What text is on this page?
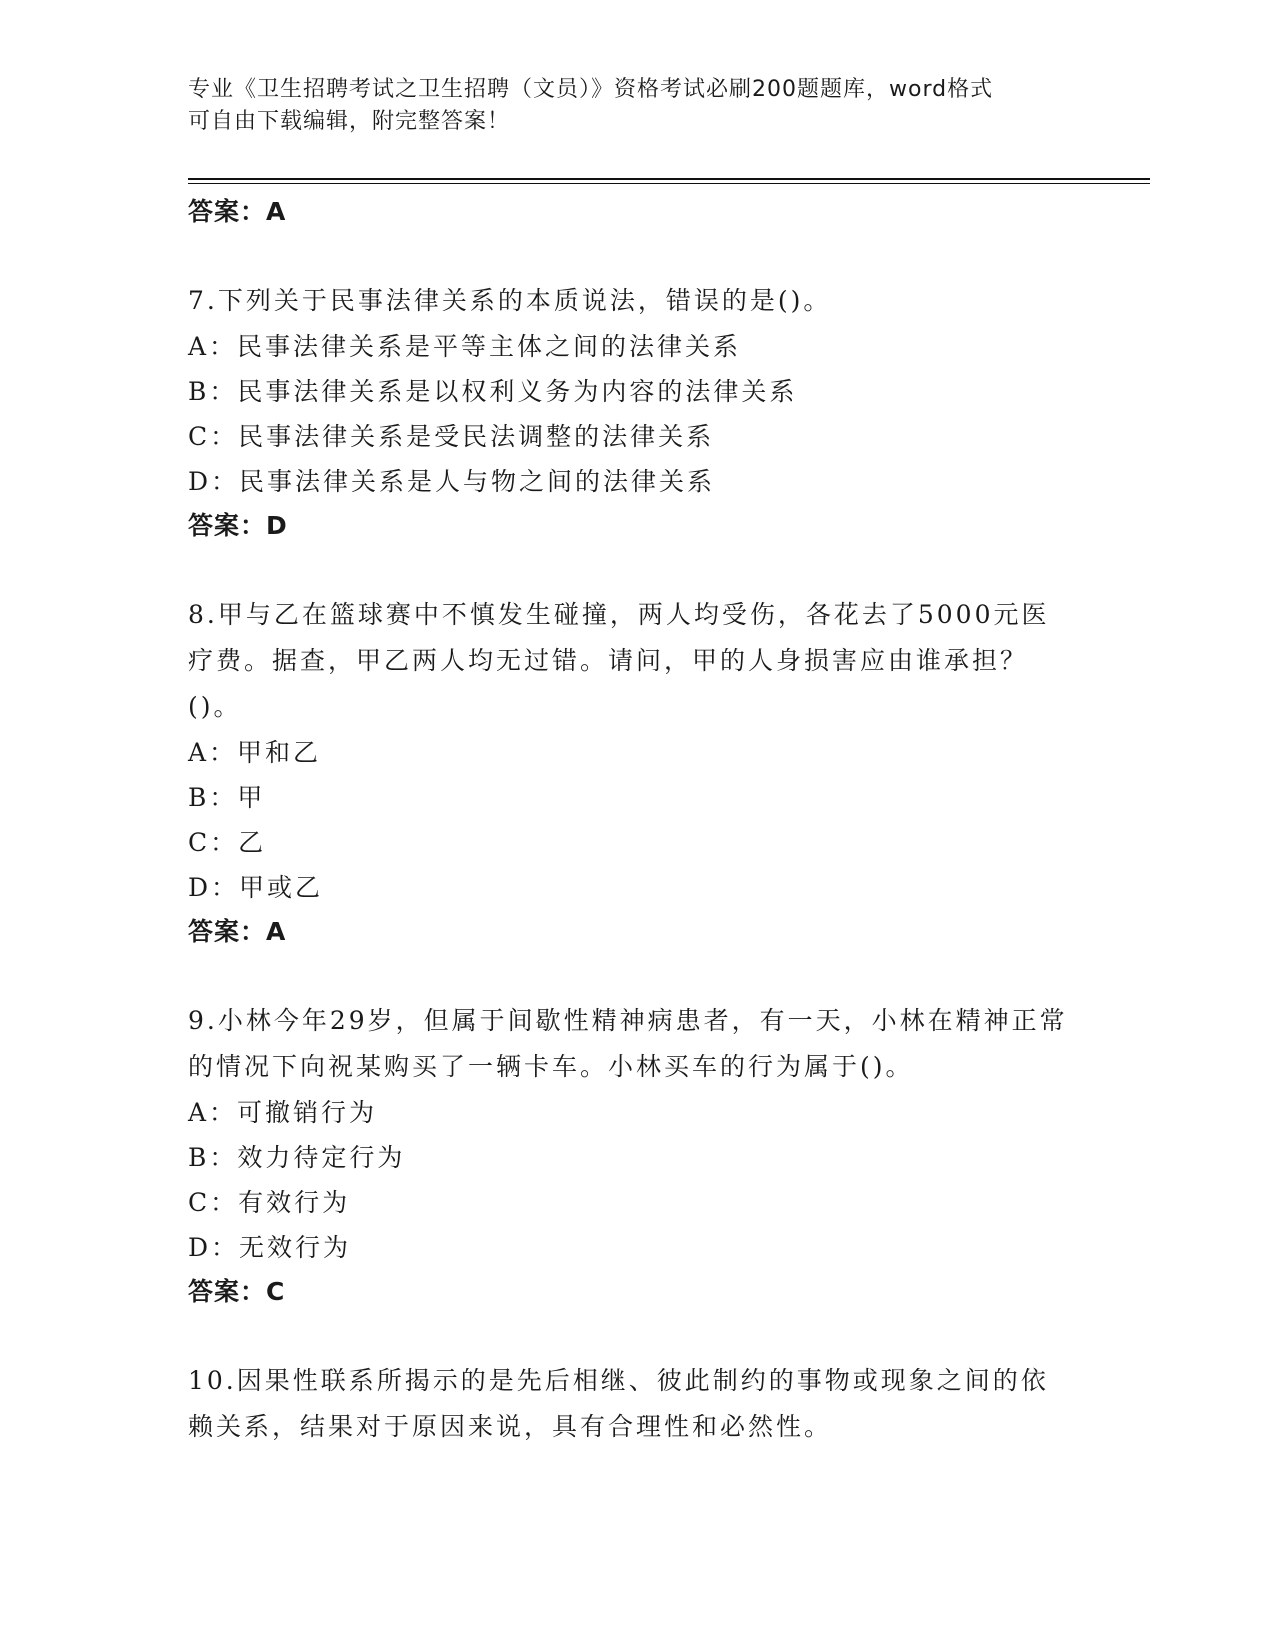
专业《卫生招聘考试之卫生招聘（文员）》资格考试必刷200题题库，word格式
可自由下载编辑，附完整答案！
答案：A
7.下列关于民事法律关系的本质说法，错误的是()。
A：民事法律关系是平等主体之间的法律关系
B：民事法律关系是以权利义务为内容的法律关系
C：民事法律关系是受民法调整的法律关系
D：民事法律关系是人与物之间的法律关系
答案：D
8.甲与乙在篮球赛中不慎发生碰撞，两人均受伤，各花去了5000元医疗费。据查，甲乙两人均无过错。请问，甲的人身损害应由谁承担？()。
A：甲和乙
B：甲
C：乙
D：甲或乙
答案：A
9.小林今年29岁，但属于间歇性精神病患者，有一天，小林在精神正常的情况下向祝某购买了一辆卡车。小林买车的行为属于()。
A：可撤销行为
B：效力待定行为
C：有效行为
D：无效行为
答案：C
10.因果性联系所揭示的是先后相继、彼此制约的事物或现象之间的依赖关系，结果对于原因来说，具有合理性和必然性。
